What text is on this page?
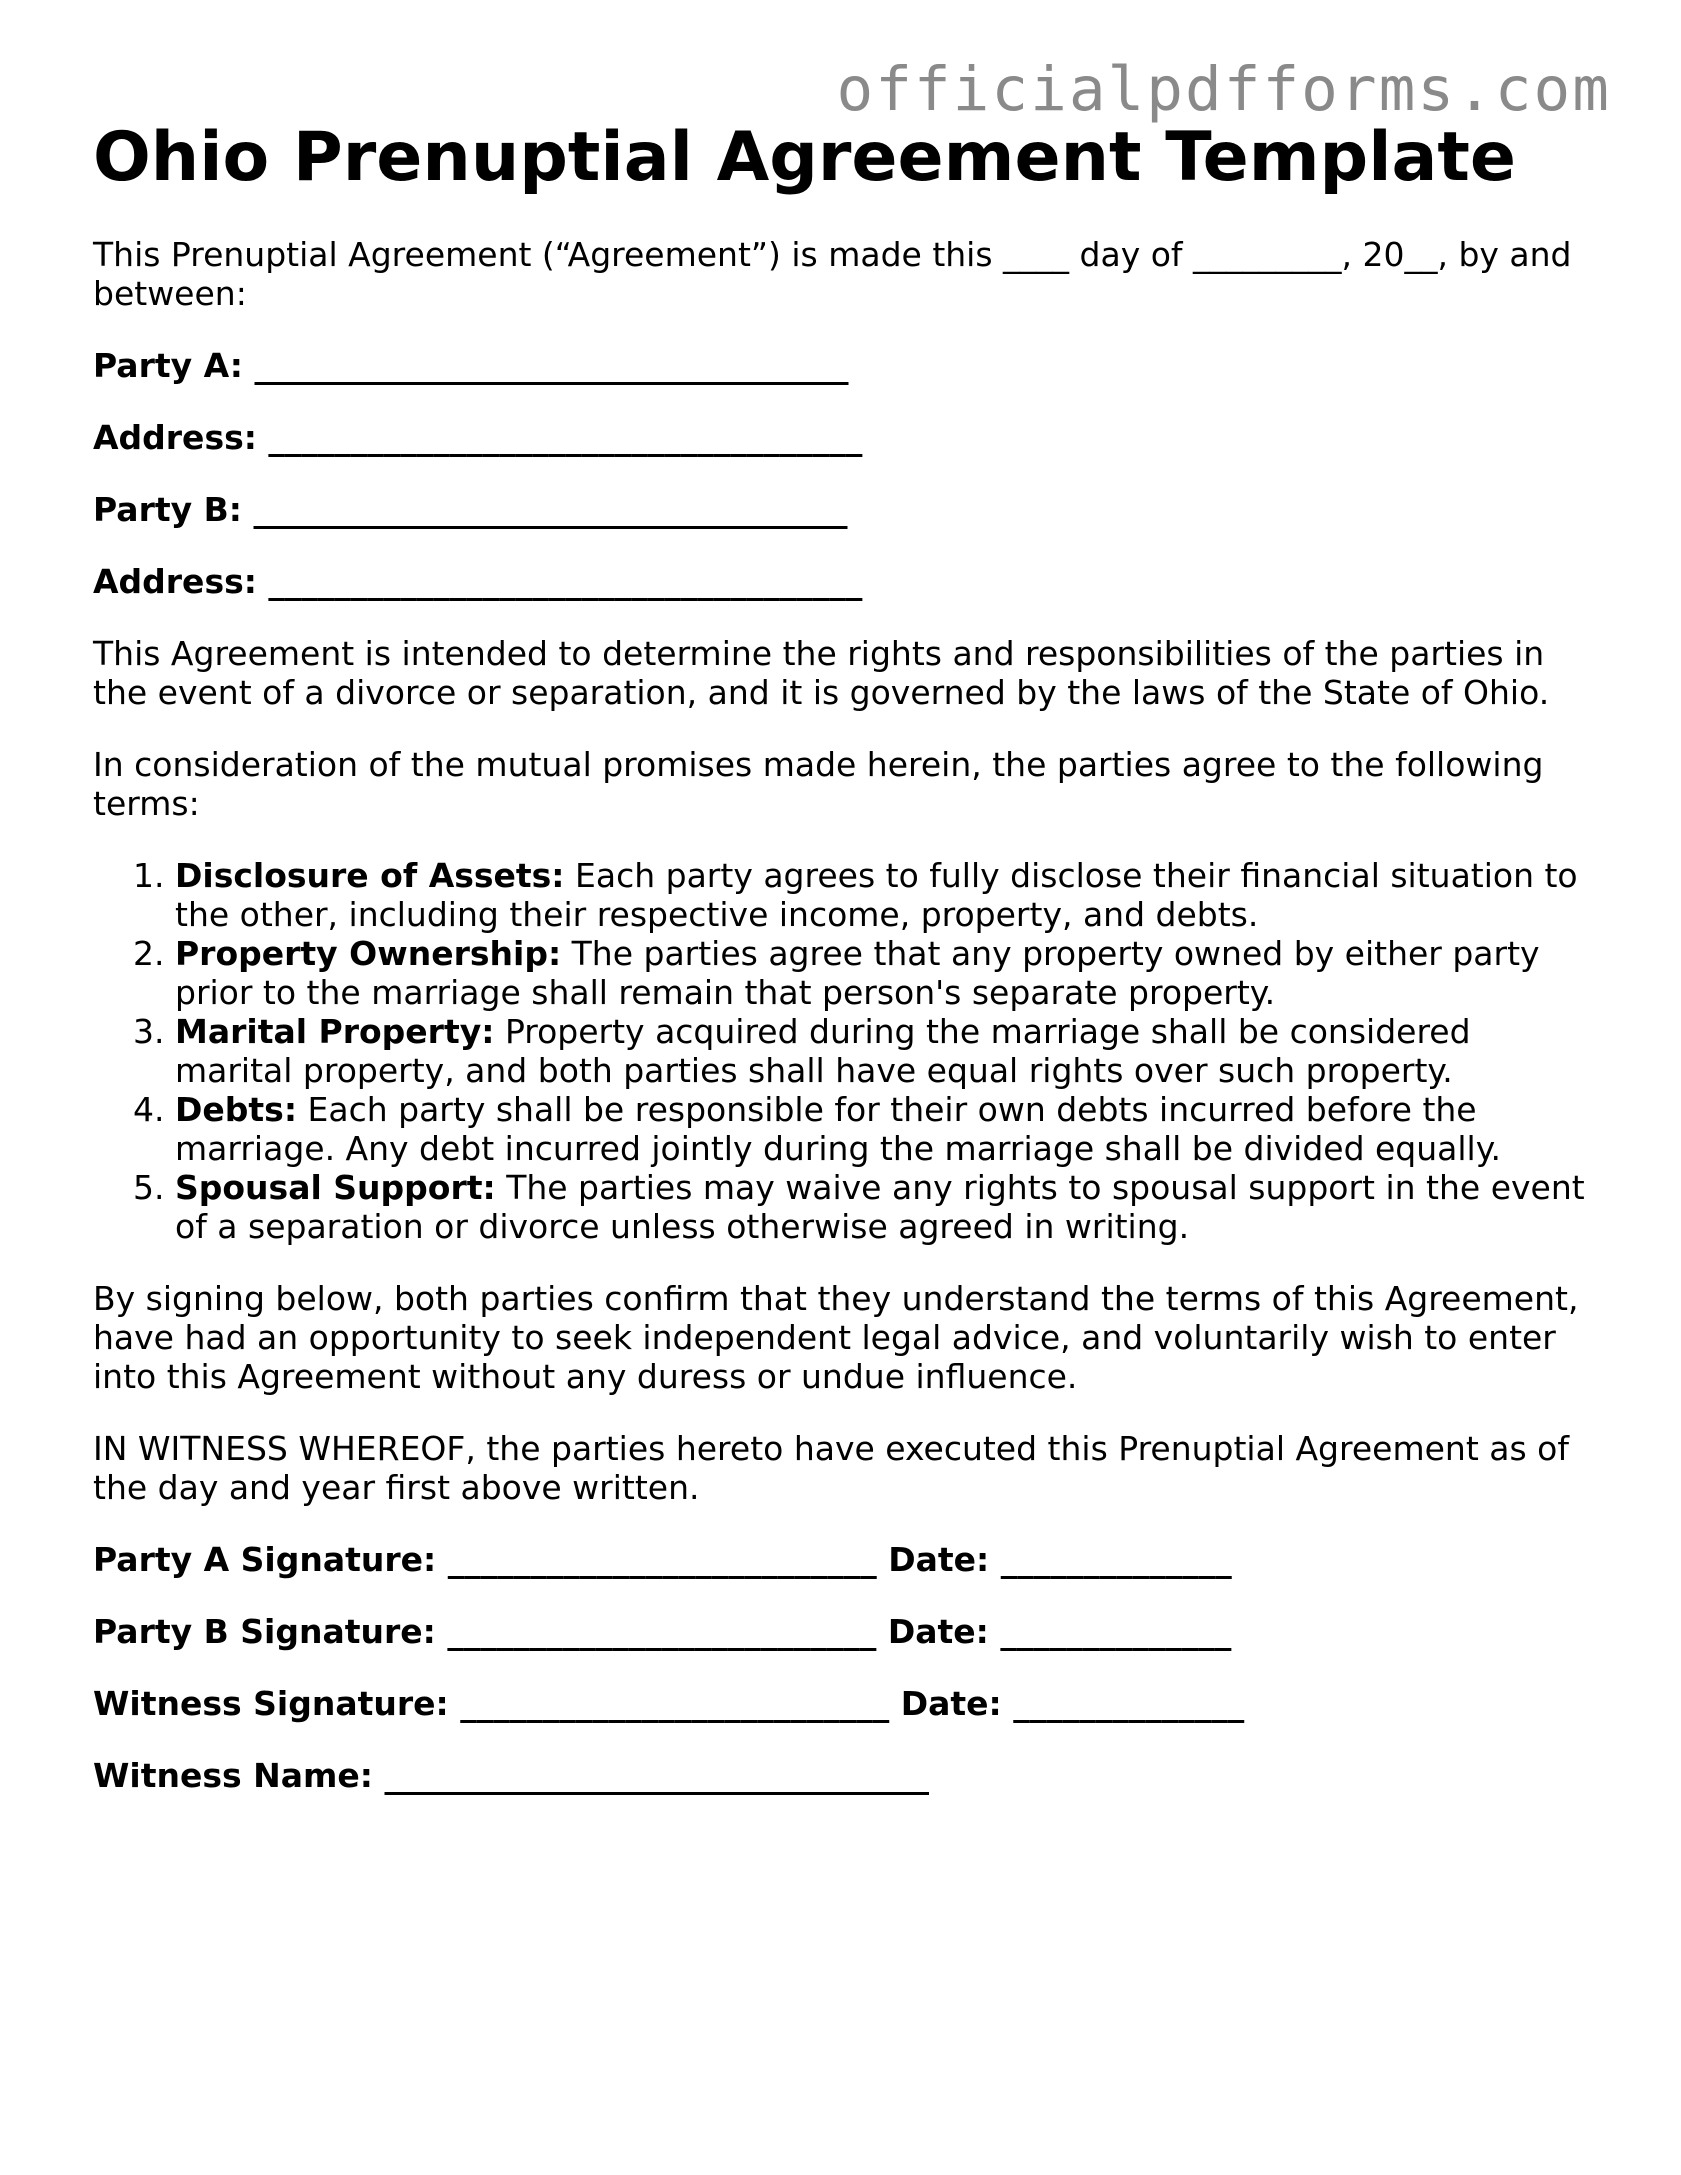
officialpdfforms.com
Ohio Prenuptial Agreement Template

This Prenuptial Agreement (“Agreement”) is made this ____ day of _________, 20__, by and between:

Party A: ____________________________________
Address: ____________________________________
Party B: ____________________________________
Address: ____________________________________

This Agreement is intended to determine the rights and responsibilities of the parties in the event of a divorce or separation, and it is governed by the laws of the State of Ohio.

In consideration of the mutual promises made herein, the parties agree to the following terms:

1. Disclosure of Assets: Each party agrees to fully disclose their financial situation to the other, including their respective income, property, and debts.
2. Property Ownership: The parties agree that any property owned by either party prior to the marriage shall remain that person's separate property.
3. Marital Property: Property acquired during the marriage shall be considered marital property, and both parties shall have equal rights over such property.
4. Debts: Each party shall be responsible for their own debts incurred before the marriage. Any debt incurred jointly during the marriage shall be divided equally.
5. Spousal Support: The parties may waive any rights to spousal support in the event of a separation or divorce unless otherwise agreed in writing.

By signing below, both parties confirm that they understand the terms of this Agreement, have had an opportunity to seek independent legal advice, and voluntarily wish to enter into this Agreement without any duress or undue influence.

IN WITNESS WHEREOF, the parties hereto have executed this Prenuptial Agreement as of the day and year first above written.

Party A Signature: __________________________ Date: ______________
Party B Signature: __________________________ Date: ______________
Witness Signature: __________________________ Date: ______________
Witness Name: _________________________________
